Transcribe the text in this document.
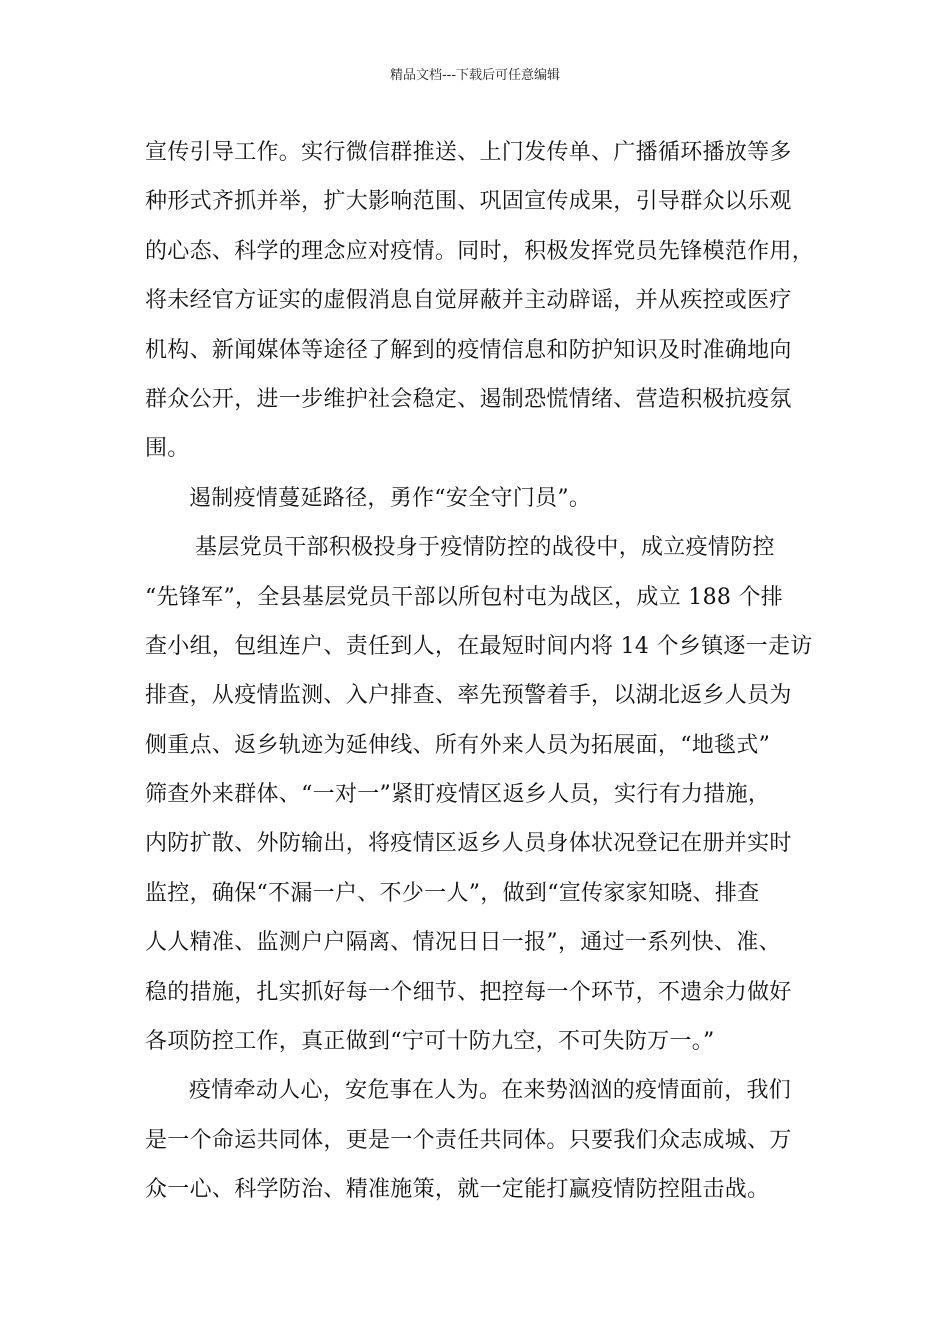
精品文档---下载后可任意编辑
宣传引导工作。实行微信群推送、上门发传单、广播循环播放等多
种形式齐抓并举，扩大影响范围、巩固宣传成果，引导群众以乐观
的心态、科学的理念应对疫情。同时，积极发挥党员先锋模范作用，
将未经官方证实的虚假消息自觉屏蔽并主动辟谣，并从疾控或医疗
机构、新闻媒体等途径了解到的疫情信息和防护知识及时准确地向
群众公开，进一步维护社会稳定、遏制恐慌情绪、营造积极抗疫氛
围。
遏制疫情蔓延路径，勇作“安全守门员”。
基层党员干部积极投身于疫情防控的战役中，成立疫情防控
“先锋军”，全县基层党员干部以所包村屯为战区，成立 188 个排
查小组，包组连户、责任到人，在最短时间内将 14 个乡镇逐一走访
排查，从疫情监测、入户排查、率先预警着手，以湖北返乡人员为
侧重点、返乡轨迹为延伸线、所有外来人员为拓展面，“地毯式”
筛查外来群体、“一对一”紧盯疫情区返乡人员，实行有力措施，
内防扩散、外防输出，将疫情区返乡人员身体状况登记在册并实时
监控，确保“不漏一户、不少一人”，做到“宣传家家知晓、排查
人人精准、监测户户隔离、情况日日一报”，通过一系列快、准、
稳的措施，扎实抓好每一个细节、把控每一个环节，不遗余力做好
各项防控工作，真正做到“宁可十防九空，不可失防万一。”
疫情牵动人心，安危事在人为。在来势汹汹的疫情面前，我们
是一个命运共同体，更是一个责任共同体。只要我们众志成城、万
众一心、科学防治、精准施策，就一定能打赢疫情防控阻击战。
